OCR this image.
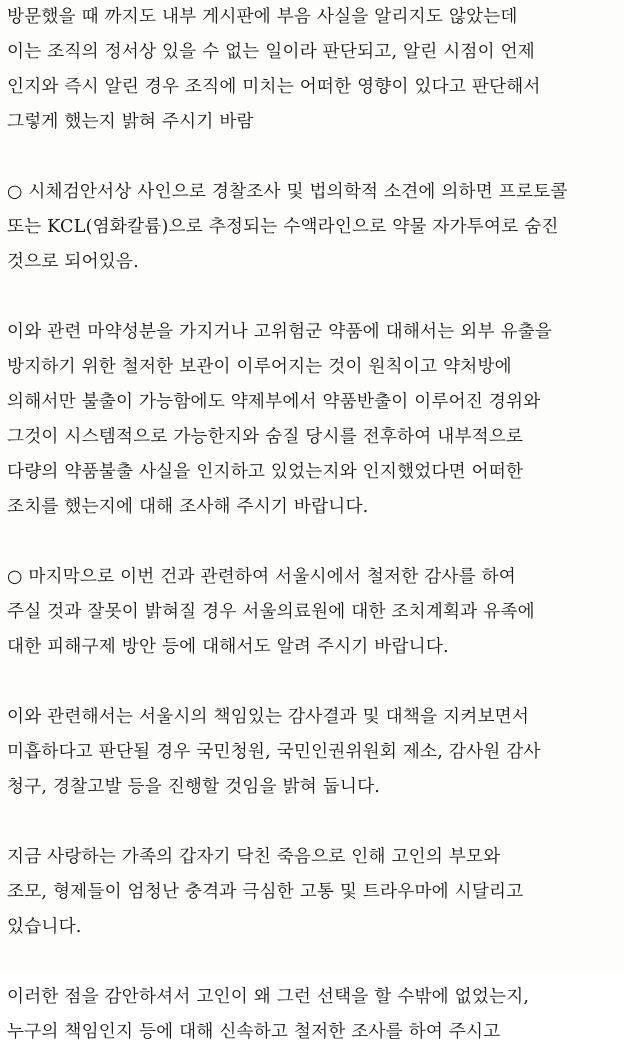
방문했을 때 까지도 내부 게시판에 부음 사실을 알리지도 않았는데
이는 조직의 정서상 있을 수 없는 일이라 판단되고, 알린 시점이 언제
인지와 즉시 알린 경우 조직에 미치는 어떠한 영향이 있다고 판단해서
그렇게 했는지 밝혀 주시기 바람
○ 시체검안서상 사인으로 경찰조사 및 법의학적 소견에 의하면 프로토콜
또는 KCL(염화칼륨)으로 추정되는 수액라인으로 약물 자가투여로 숨진
것으로 되어있음.
이와 관련 마약성분을 가지거나 고위험군 약품에 대해서는 외부 유출을
방지하기 위한 철저한 보관이 이루어지는 것이 원칙이고 약처방에
의해서만 불출이 가능함에도 약제부에서 약품반출이 이루어진 경위와
그것이 시스템적으로 가능한지와 숨질 당시를 전후하여 내부적으로
다량의 약품불출 사실을 인지하고 있었는지와 인지했었다면 어떠한
조치를 했는지에 대해 조사해 주시기 바랍니다.
○ 마지막으로 이번 건과 관련하여 서울시에서 철저한 감사를 하여
주실 것과 잘못이 밝혀질 경우 서울의료원에 대한 조치계획과 유족에
대한 피해구제 방안 등에 대해서도 알려 주시기 바랍니다.
이와 관련해서는 서울시의 책임있는 감사결과 및 대책을 지켜보면서
미흡하다고 판단될 경우 국민청원, 국민인권위원회 제소, 감사원 감사
청구, 경찰고발 등을 진행할 것임을 밝혀 둡니다.
지금 사랑하는 가족의 갑자기 닥친 죽음으로 인해 고인의 부모와
조모, 형제들이 엄청난 충격과 극심한 고통 및 트라우마에 시달리고
있습니다.
이러한 점을 감안하셔서 고인이 왜 그런 선택을 할 수밖에 없었는지,
누구의 책임인지 등에 대해 신속하고 철저한 조사를 하여 주시고
